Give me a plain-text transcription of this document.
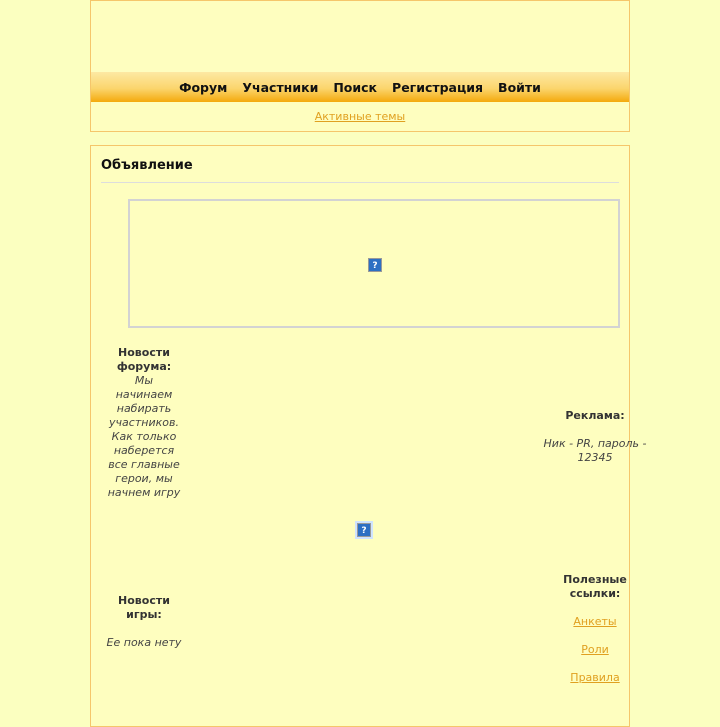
Форум Участники Поиск Регистрация Войти
Активные темы
Объявление
?
?
Новости форума:
Мы начинаем набирать участников. Как только наберется все главные герои, мы начнем игру
Новости игры:
Ее пока нету
Реклама:
Ник - PR, пароль - 12345
Полезные ссылки:
Анкеты
Роли
Правила
